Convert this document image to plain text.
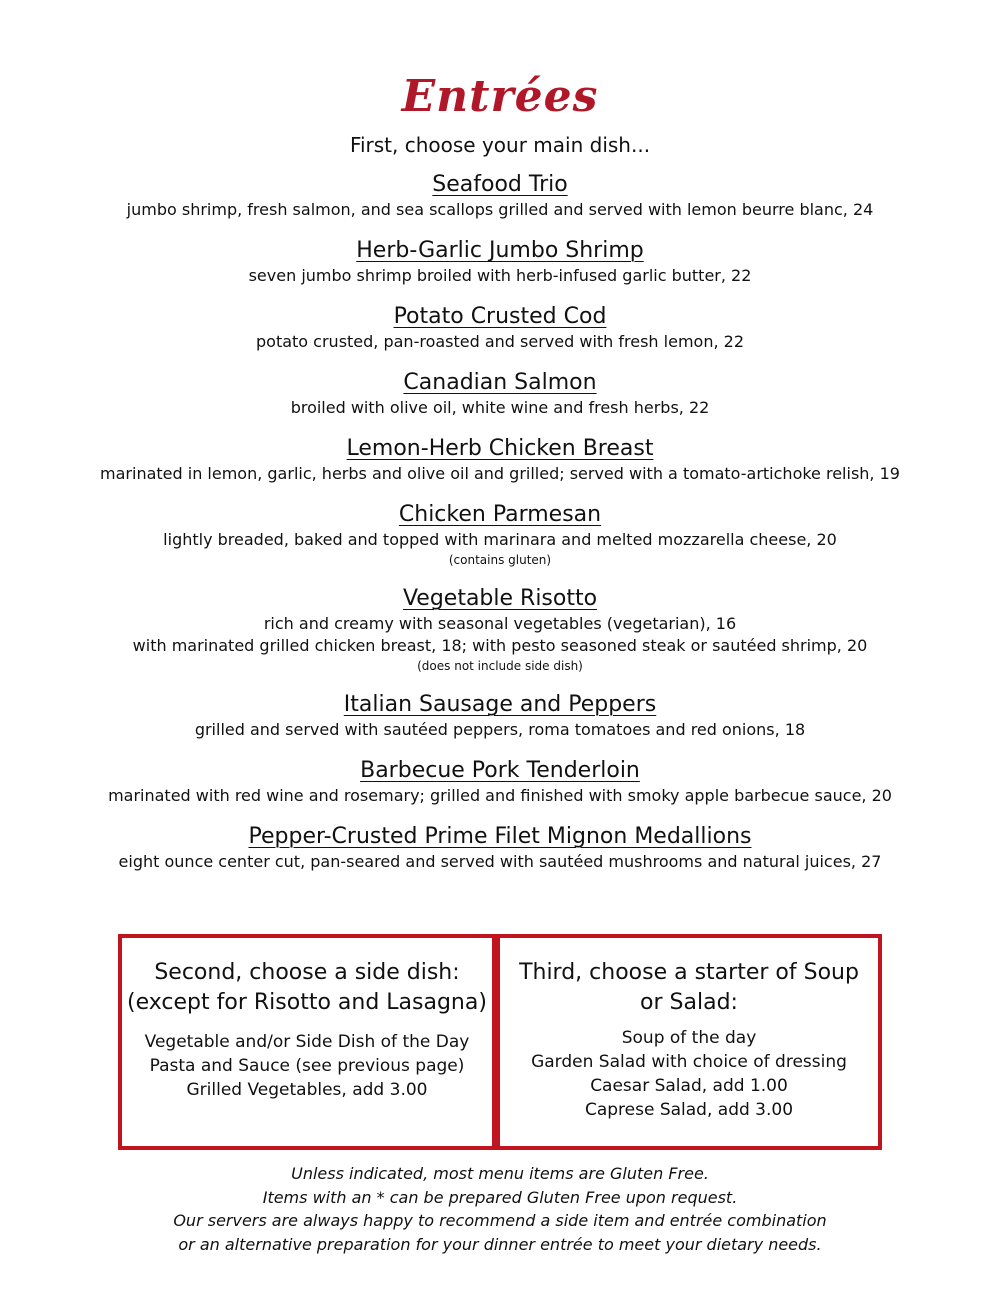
Entrées
First, choose your main dish...
Seafood Trio
jumbo shrimp, fresh salmon, and sea scallops grilled and served with lemon beurre blanc, 24
Herb-Garlic Jumbo Shrimp
seven jumbo shrimp broiled with herb-infused garlic butter, 22
Potato Crusted Cod
potato crusted, pan-roasted and served with fresh lemon, 22
Canadian Salmon
broiled with olive oil, white wine and fresh herbs, 22
Lemon-Herb Chicken Breast
marinated in lemon, garlic, herbs and olive oil and grilled; served with a tomato-artichoke relish, 19
Chicken Parmesan
lightly breaded, baked and topped with marinara and melted mozzarella cheese, 20
(contains gluten)
Vegetable Risotto
rich and creamy with seasonal vegetables (vegetarian), 16
with marinated grilled chicken breast, 18; with pesto seasoned steak or sautéed shrimp, 20
(does not include side dish)
Italian Sausage and Peppers
grilled and served with sautéed peppers, roma tomatoes and red onions, 18
Barbecue Pork Tenderloin
marinated with red wine and rosemary; grilled and finished with smoky apple barbecue sauce, 20
Pepper-Crusted Prime Filet Mignon Medallions
eight ounce center cut, pan-seared and served with sautéed mushrooms and natural juices, 27
Second, choose a side dish:
(except for Risotto and Lasagna)
Vegetable and/or Side Dish of the Day
Pasta and Sauce (see previous page)
Grilled Vegetables, add 3.00
Third, choose a starter of Soup
or Salad:
Soup of the day
Garden Salad with choice of dressing
Caesar Salad, add 1.00
Caprese Salad, add 3.00
Unless indicated, most menu items are Gluten Free.
Items with an * can be prepared Gluten Free upon request.
Our servers are always happy to recommend a side item and entrée combination
or an alternative preparation for your dinner entrée to meet your dietary needs.
